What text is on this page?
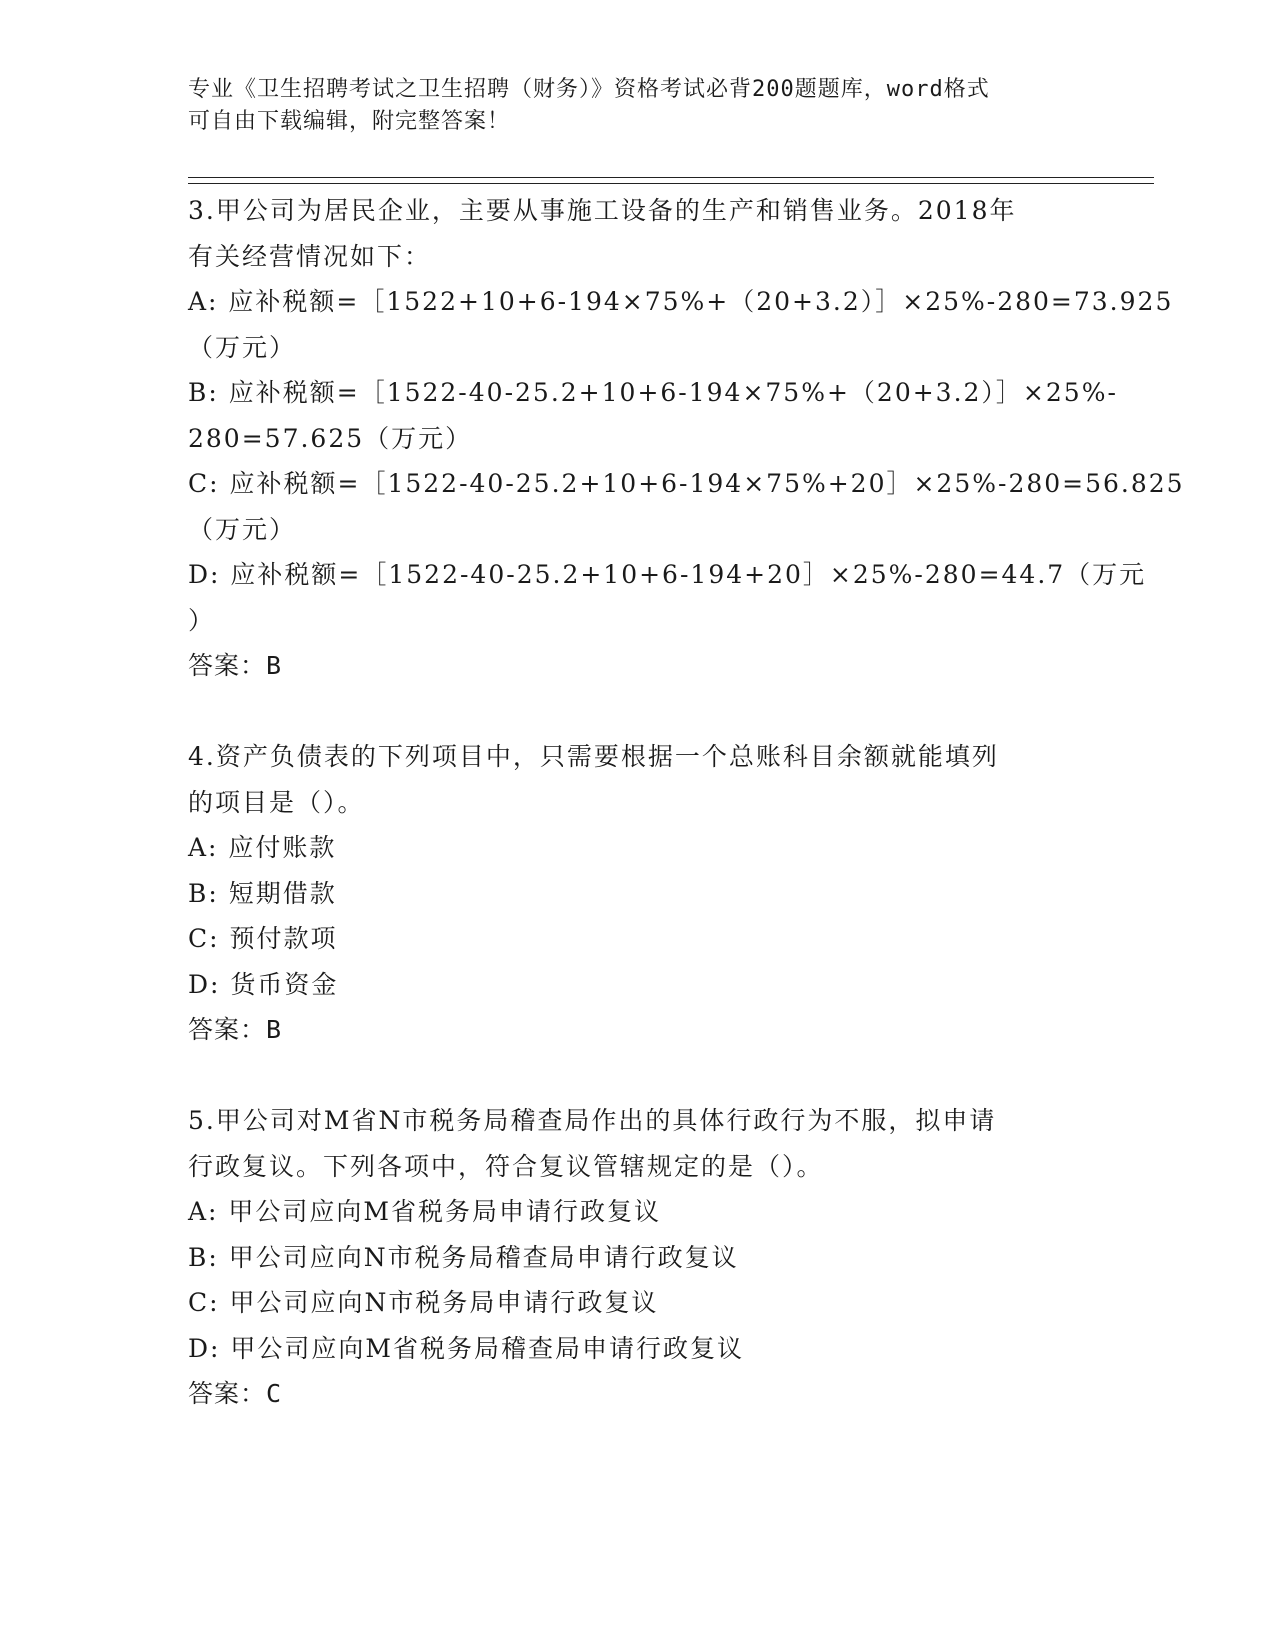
专业《卫生招聘考试之卫生招聘（财务）》资格考试必背200题题库，word格式
可自由下载编辑，附完整答案！
3.甲公司为居民企业，主要从事施工设备的生产和销售业务。2018年
有关经营情况如下：
A: 应补税额=［1522+10+6-194×75%+（20+3.2）］×25%-280=73.925
（万元）
B: 应补税额=［1522-40-25.2+10+6-194×75%+（20+3.2）］×25%-
280=57.625（万元）
C: 应补税额=［1522-40-25.2+10+6-194×75%+20］×25%-280=56.825
（万元）
D: 应补税额=［1522-40-25.2+10+6-194+20］×25%-280=44.7（万元
）
答案：B
4.资产负债表的下列项目中，只需要根据一个总账科目余额就能填列
的项目是（）。
A: 应付账款
B: 短期借款
C: 预付款项
D: 货币资金
答案：B
5.甲公司对M省N市税务局稽查局作出的具体行政行为不服，拟申请
行政复议。下列各项中，符合复议管辖规定的是（）。
A: 甲公司应向M省税务局申请行政复议
B: 甲公司应向N市税务局稽查局申请行政复议
C: 甲公司应向N市税务局申请行政复议
D: 甲公司应向M省税务局稽查局申请行政复议
答案：C
